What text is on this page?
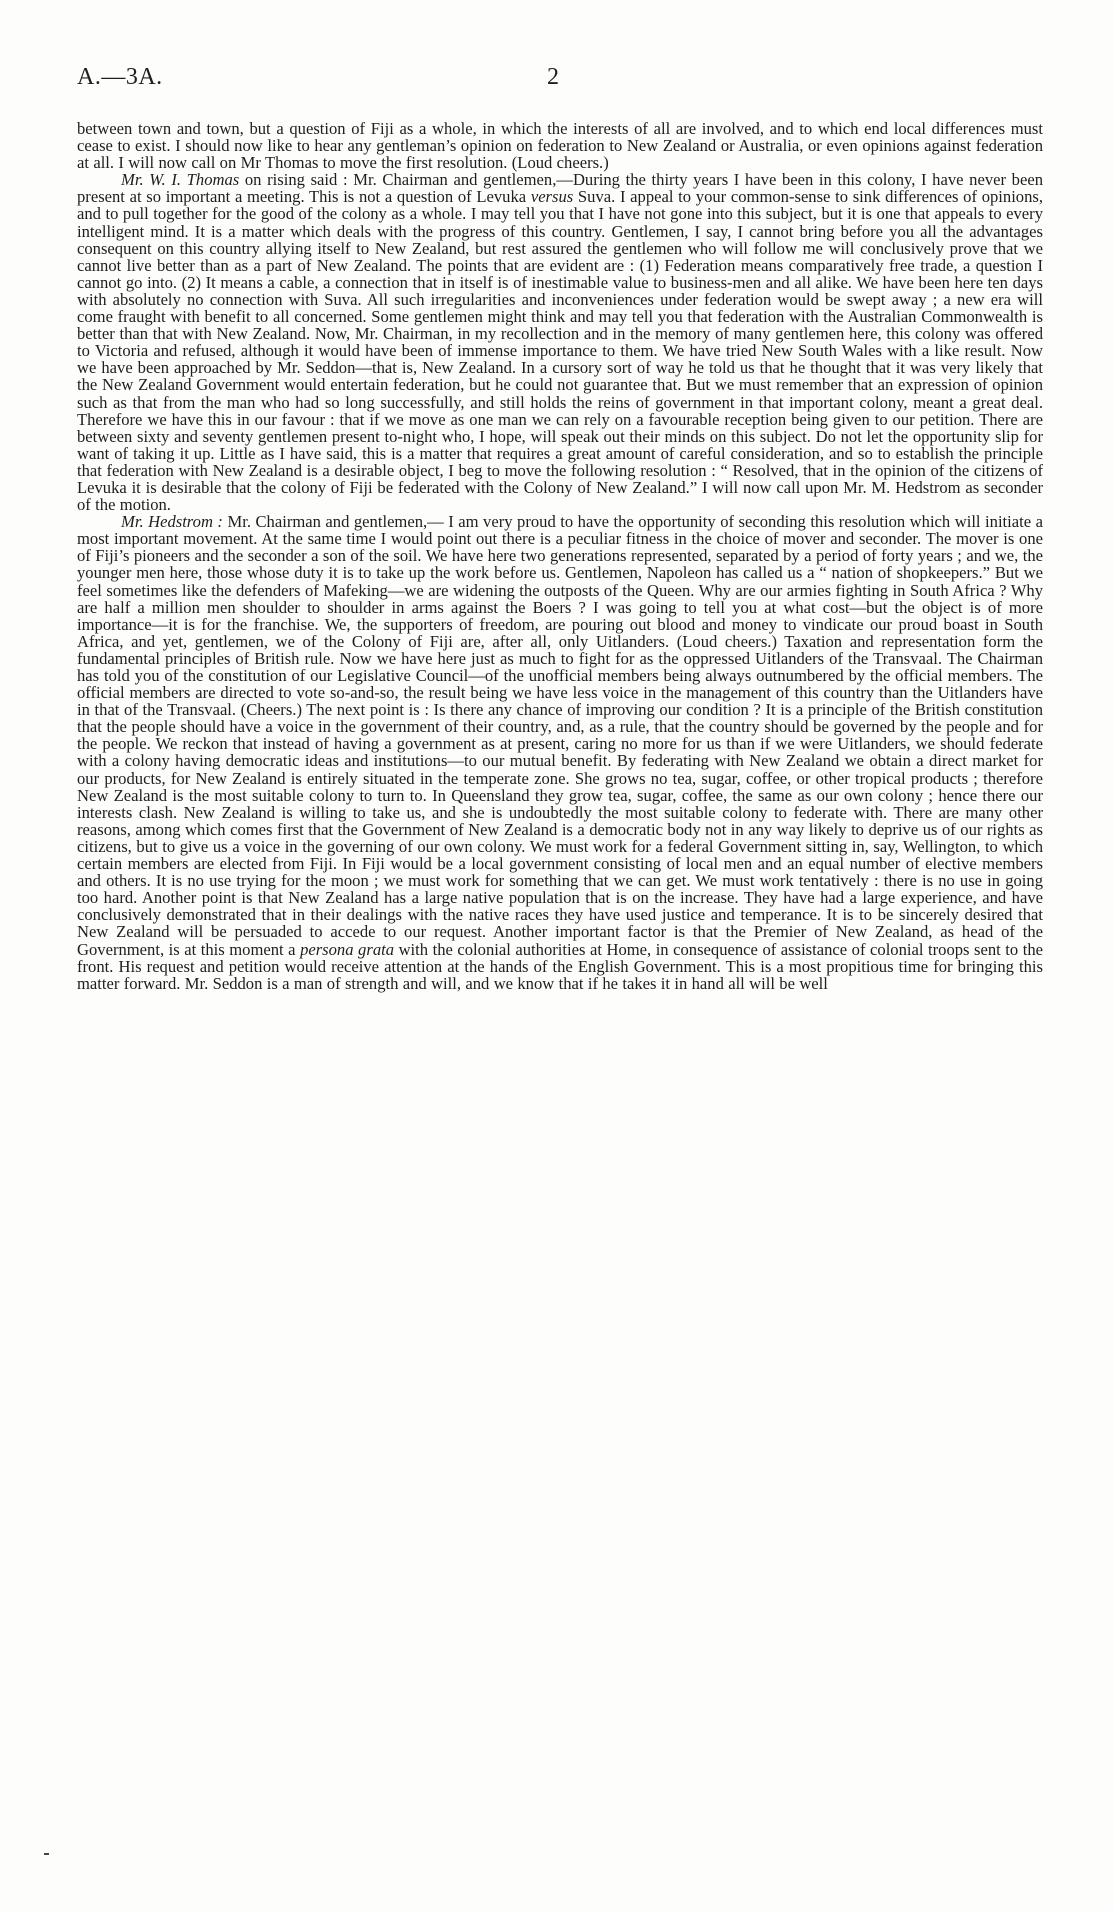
A.—3A.	2

between town and town, but a question of Fiji as a whole, in which the interests of all are involved, and to which end local differences must cease to exist. I should now like to hear any gentleman’s opinion on federation to New Zealand or Australia, or even opinions against federation at all. I will now call on Mr Thomas to move the first resolution. (Loud cheers.)

Mr. W. I. Thomas on rising said : Mr. Chairman and gentlemen,—During the thirty years I have been in this colony, I have never been present at so important a meeting. This is not a question of Levuka versus Suva. I appeal to your common-sense to sink differences of opinions, and to pull together for the good of the colony as a whole. I may tell you that I have not gone into this subject, but it is one that appeals to every intelligent mind. It is a matter which deals with the progress of this country. Gentlemen, I say, I cannot bring before you all the advantages consequent on this country allying itself to New Zealand, but rest assured the gentlemen who will follow me will conclusively prove that we cannot live better than as a part of New Zealand. The points that are evident are : (1) Federation means comparatively free trade, a question I cannot go into. (2) It means a cable, a connection that in itself is of inestimable value to business-men and all alike. We have been here ten days with absolutely no connection with Suva. All such irregularities and inconveniences under federation would be swept away ; a new era will come fraught with benefit to all concerned. Some gentlemen might think and may tell you that federation with the Australian Commonwealth is better than that with New Zealand. Now, Mr. Chairman, in my recollection and in the memory of many gentlemen here, this colony was offered to Victoria and refused, although it would have been of immense importance to them. We have tried New South Wales with a like result. Now we have been approached by Mr. Seddon—that is, New Zealand. In a cursory sort of way he told us that he thought that it was very likely that the New Zealand Government would entertain federation, but he could not guarantee that. But we must remember that an expression of opinion such as that from the man who had so long successfully, and still holds the reins of government in that important colony, meant a great deal. Therefore we have this in our favour : that if we move as one man we can rely on a favourable reception being given to our petition. There are between sixty and seventy gentlemen present to-night who, I hope, will speak out their minds on this subject. Do not let the opportunity slip for want of taking it up. Little as I have said, this is a matter that requires a great amount of careful consideration, and so to establish the principle that federation with New Zealand is a desirable object, I beg to move the following resolution : “ Resolved, that in the opinion of the citizens of Levuka it is desirable that the colony of Fiji be federated with the Colony of New Zealand.” I will now call upon Mr. M. Hedstrom as seconder of the motion.

Mr. Hedstrom : Mr. Chairman and gentlemen,— I am very proud to have the opportunity of seconding this resolution which will initiate a most important movement. At the same time I would point out there is a peculiar fitness in the choice of mover and seconder. The mover is one of Fiji’s pioneers and the seconder a son of the soil. We have here two generations represented, separated by a period of forty years ; and we, the younger men here, those whose duty it is to take up the work before us. Gentlemen, Napoleon has called us a “ nation of shopkeepers.” But we feel sometimes like the defenders of Mafeking—we are widening the outposts of the Queen. Why are our armies fighting in South Africa ? Why are half a million men shoulder to shoulder in arms against the Boers ? I was going to tell you at what cost—but the object is of more importance—it is for the franchise. We, the supporters of freedom, are pouring out blood and money to vindicate our proud boast in South Africa, and yet, gentlemen, we of the Colony of Fiji are, after all, only Uitlanders. (Loud cheers.) Taxation and representation form the fundamental principles of British rule. Now we have here just as much to fight for as the oppressed Uitlanders of the Transvaal. The Chairman has told you of the constitution of our Legislative Council—of the unofficial members being always outnumbered by the official members. The official members are directed to vote so-and-so, the result being we have less voice in the management of this country than the Uitlanders have in that of the Transvaal. (Cheers.) The next point is : Is there any chance of improving our condition ? It is a principle of the British constitution that the people should have a voice in the government of their country, and, as a rule, that the country should be governed by the people and for the people. We reckon that instead of having a government as at present, caring no more for us than if we were Uitlanders, we should federate with a colony having democratic ideas and institutions—to our mutual benefit. By federating with New Zealand we obtain a direct market for our products, for New Zealand is entirely situated in the temperate zone. She grows no tea, sugar, coffee, or other tropical products ; therefore New Zealand is the most suitable colony to turn to. In Queensland they grow tea, sugar, coffee, the same as our own colony ; hence there our interests clash. New Zealand is willing to take us, and she is undoubtedly the most suitable colony to federate with. There are many other reasons, among which comes first that the Government of New Zealand is a democratic body not in any way likely to deprive us of our rights as citizens, but to give us a voice in the governing of our own colony. We must work for a federal Government sitting in, say, Wellington, to which certain members are elected from Fiji. In Fiji would be a local government consisting of local men and an equal number of elective members and others. It is no use trying for the moon ; we must work for something that we can get. We must work tentatively : there is no use in going too hard. Another point is that New Zealand has a large native population that is on the increase. They have had a large experience, and have conclusively demonstrated that in their dealings with the native races they have used justice and temperance. It is to be sincerely desired that New Zealand will be persuaded to accede to our request. Another important factor is that the Premier of New Zealand, as head of the Government, is at this moment a persona grata with the colonial authorities at Home, in consequence of assistance of colonial troops sent to the front. His request and petition would receive attention at the hands of the English Government. This is a most propitious time for bringing this matter forward. Mr. Seddon is a man of strength and will, and we know that if he takes it in hand all will be well
